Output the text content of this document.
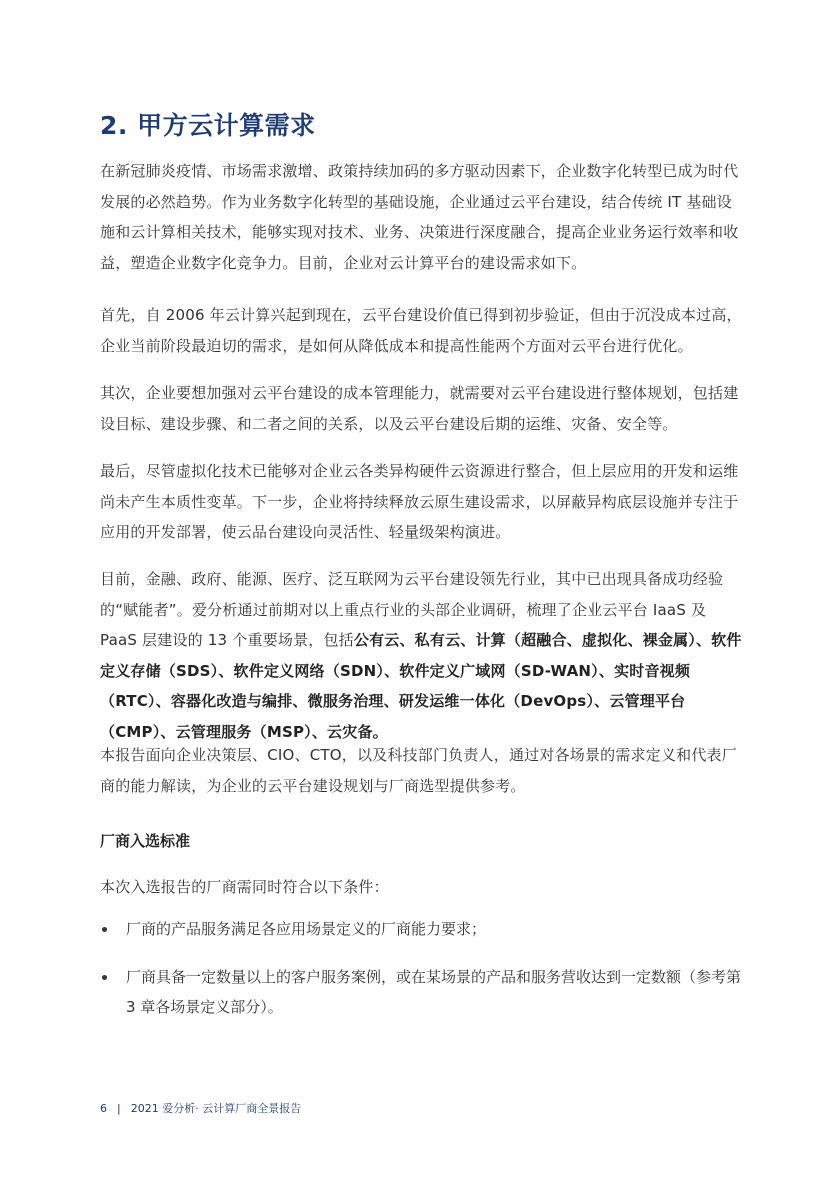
2. 甲方云计算需求

在新冠肺炎疫情、市场需求激增、政策持续加码的多方驱动因素下，企业数字化转型已成为时代发展的必然趋势。作为业务数字化转型的基础设施，企业通过云平台建设，结合传统 IT 基础设施和云计算相关技术，能够实现对技术、业务、决策进行深度融合，提高企业业务运行效率和收益，塑造企业数字化竞争力。目前，企业对云计算平台的建设需求如下。

首先，自 2006 年云计算兴起到现在，云平台建设价值已得到初步验证，但由于沉没成本过高，企业当前阶段最迫切的需求，是如何从降低成本和提高性能两个方面对云平台进行优化。

其次，企业要想加强对云平台建设的成本管理能力，就需要对云平台建设进行整体规划，包括建设目标、建设步骤、和二者之间的关系，以及云平台建设后期的运维、灾备、安全等。

最后，尽管虚拟化技术已能够对企业云各类异构硬件云资源进行整合，但上层应用的开发和运维尚未产生本质性变革。下一步，企业将持续释放云原生建设需求，以屏蔽异构底层设施并专注于应用的开发部署，使云品台建设向灵活性、轻量级架构演进。

目前，金融、政府、能源、医疗、泛互联网为云平台建设领先行业，其中已出现具备成功经验的“赋能者”。爱分析通过前期对以上重点行业的头部企业调研，梳理了企业云平台 IaaS 及 PaaS 层建设的 13 个重要场景，包括公有云、私有云、计算（超融合、虚拟化、裸金属）、软件定义存储（SDS）、软件定义网络（SDN）、软件定义广域网（SD-WAN）、实时音视频（RTC）、容器化改造与编排、微服务治理、研发运维一体化（DevOps）、云管理平台（CMP）、云管理服务（MSP）、云灾备。

本报告面向企业决策层、CIO、CTO，以及科技部门负责人，通过对各场景的需求定义和代表厂商的能力解读，为企业的云平台建设规划与厂商选型提供参考。

厂商入选标准

本次入选报告的厂商需同时符合以下条件：

厂商的产品服务满足各应用场景定义的厂商能力要求；
厂商具备一定数量以上的客户服务案例，或在某场景的产品和服务营收达到一定数额（参考第 3 章各场景定义部分）。
6 | 2021 爱分析· 云计算厂商全景报告
